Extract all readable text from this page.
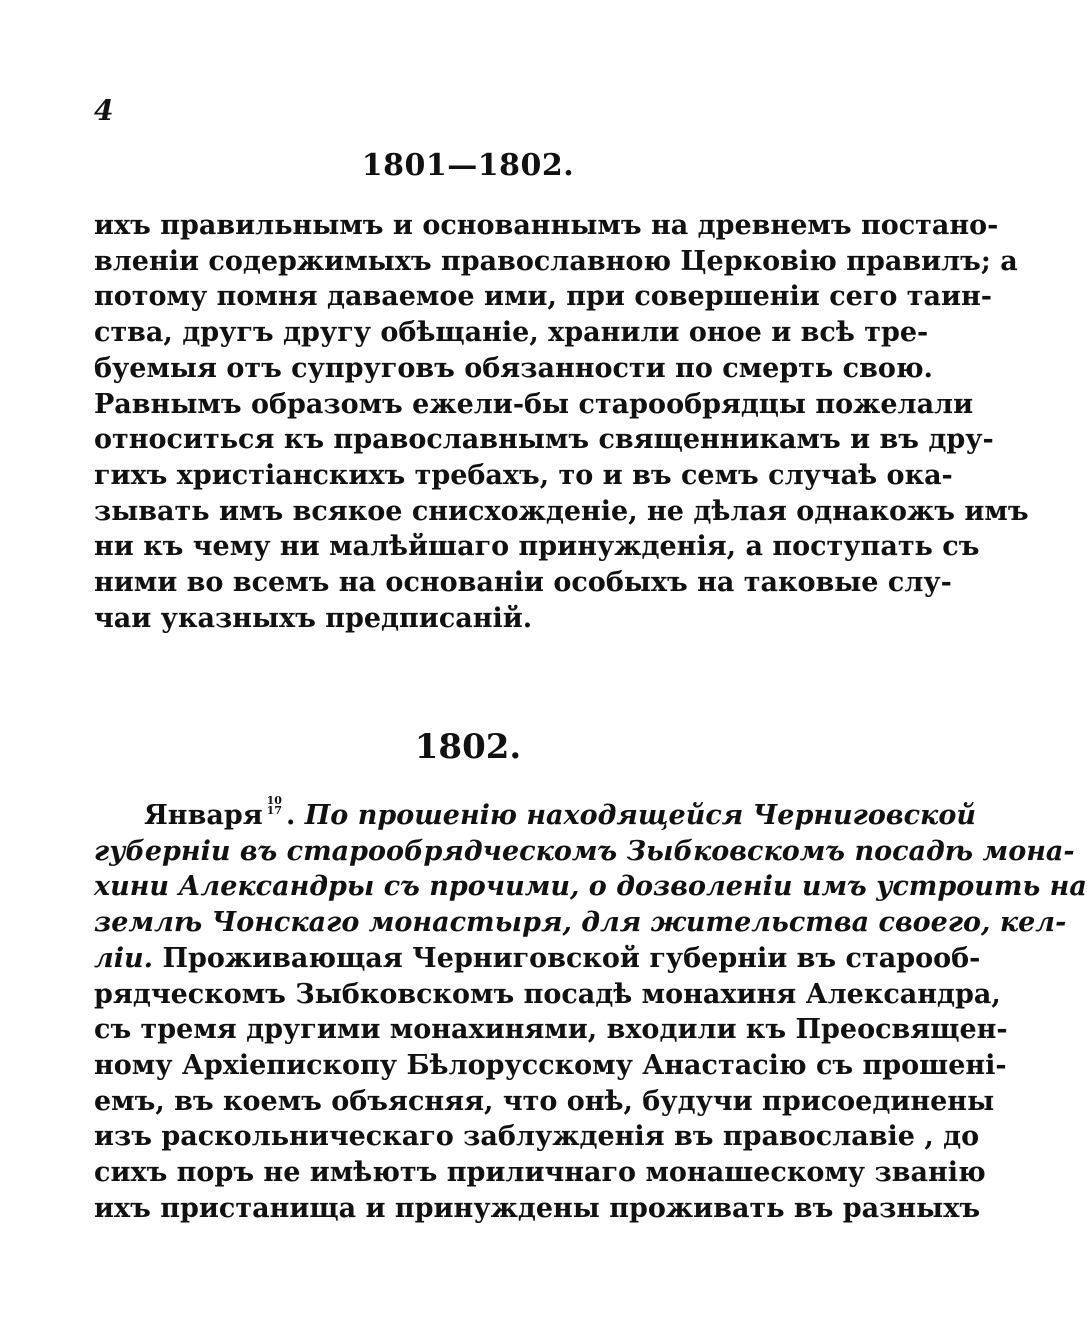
4
1801—1802.
ихъ правильнымъ и основаннымъ на древнемъ постано-
вленіи содержимыхъ православною Церковію правилъ; а
потому помня даваемое ими, при совершеніи сего таин-
ства, другъ другу обѣщаніе, хранили оное и всѣ тре-
буемыя отъ супруговъ обязанности по смерть свою.
Равнымъ образомъ ежели-бы старообрядцы пожелали
относиться къ православнымъ священникамъ и въ дру-
гихъ христіанскихъ требахъ, то и въ семъ случаѣ ока-
зывать имъ всякое снисхожденіе, не дѣлая однакожъ имъ
ни къ чему ни малѣйшаго принужденія, а поступать съ
ними во всемъ на основаніи особыхъ на таковые слу-
чаи указныхъ предписаній.
1802.
Января 10
17 . По прошенію находящейся Черниговской
губерніи въ старообрядческомъ Зыбковскомъ посадѣ мона-
хини Александры съ прочими, о дозволеніи имъ устроить на
землѣ Чонскаго монастыря, для жительства своего, кел-
ліи. Проживающая Черниговской губерніи въ старооб-
рядческомъ Зыбковскомъ посадѣ монахиня Александра,
съ тремя другими монахинями, входили къ Преосвящен-
ному Архіепископу Бѣлорусскому Анастасію съ прошені-
емъ, въ коемъ объясняя, что онѣ, будучи присоединены
изъ раскольническаго заблужденія въ православіе , до
сихъ поръ не имѣютъ приличнаго монашескому званію
ихъ пристанища и принуждены проживать въ разныхъ
